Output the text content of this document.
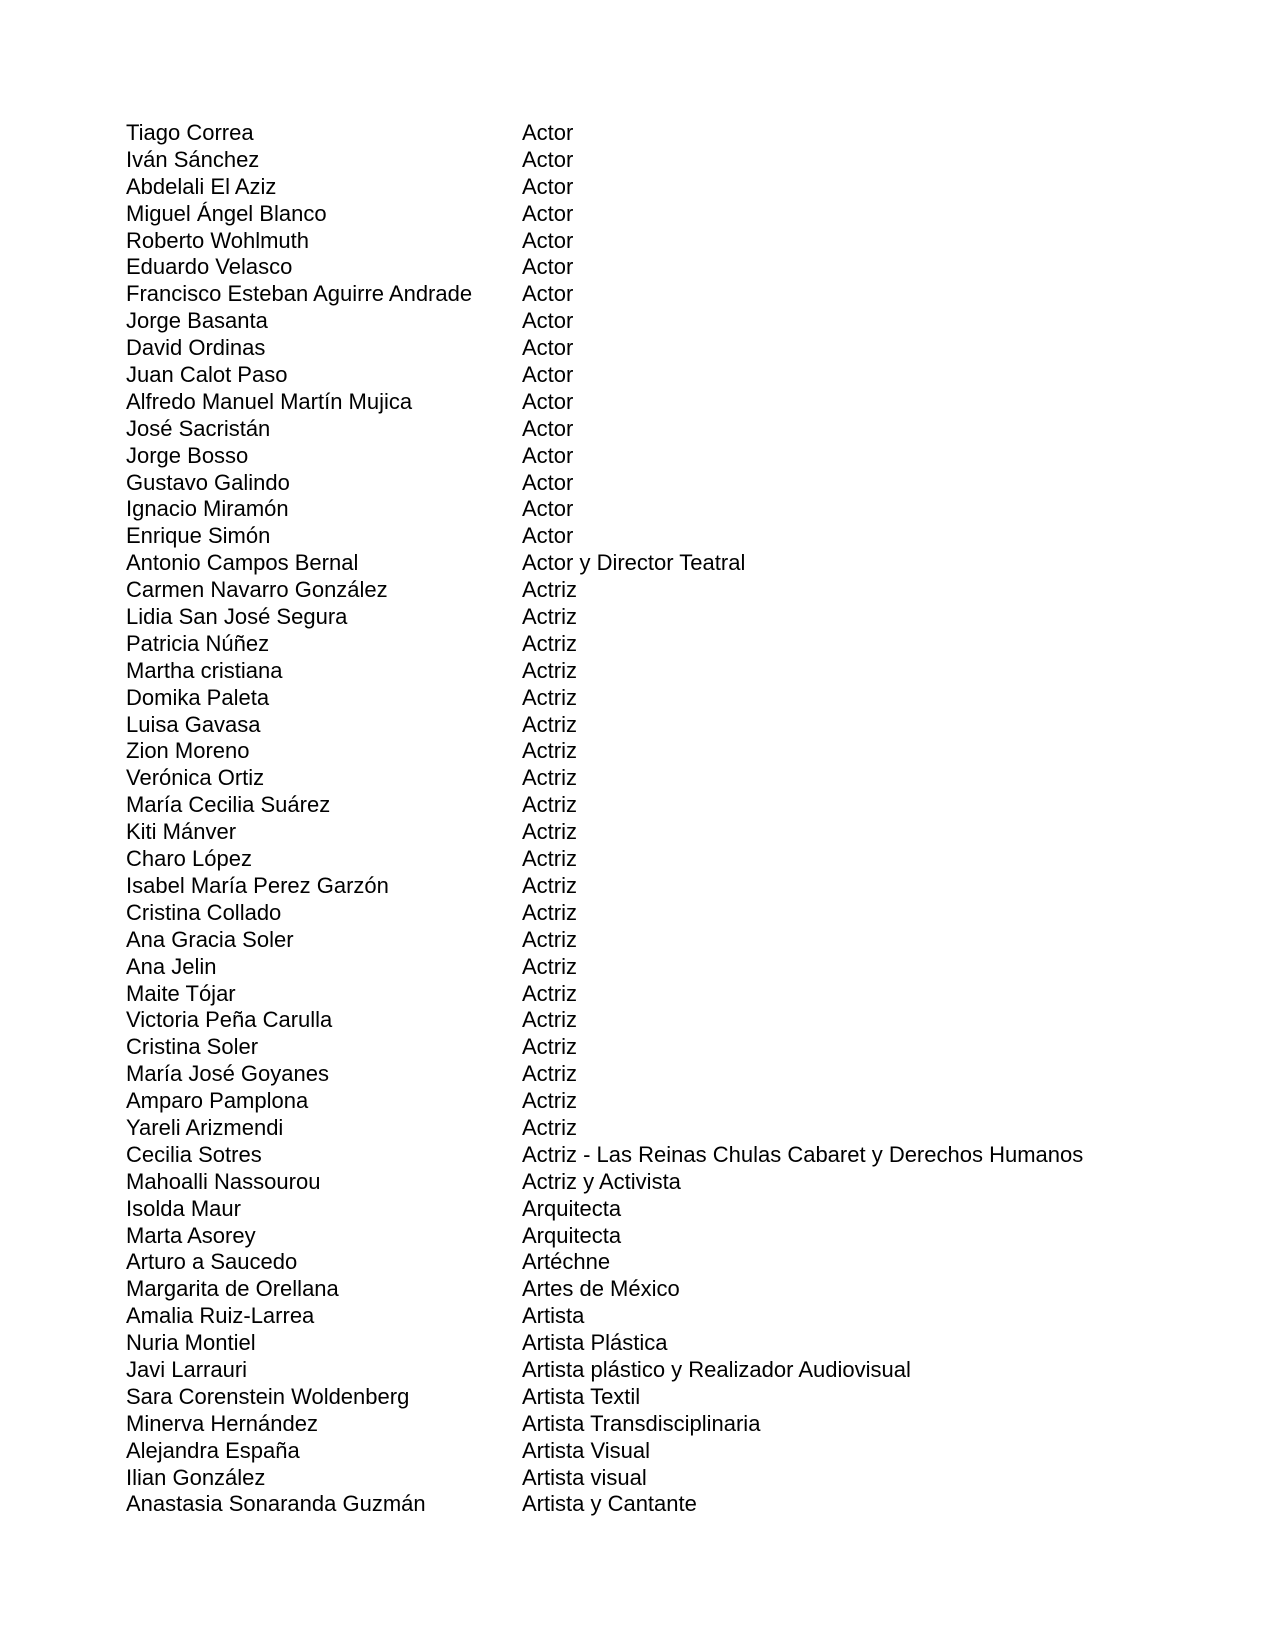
Tiago Correa	Actor
Iván Sánchez	Actor
Abdelali El Aziz	Actor
Miguel Ángel Blanco	Actor
Roberto Wohlmuth	Actor
Eduardo Velasco	Actor
Francisco Esteban Aguirre Andrade	Actor
Jorge Basanta	Actor
David Ordinas	Actor
Juan Calot Paso	Actor
Alfredo Manuel Martín Mujica	Actor
José Sacristán	Actor
Jorge Bosso	Actor
Gustavo Galindo	Actor
Ignacio Miramón	Actor
Enrique Simón	Actor
Antonio Campos Bernal	Actor y Director Teatral
Carmen Navarro González	Actriz
Lidia San José Segura	Actriz
Patricia Núñez	Actriz
Martha cristiana	Actriz
Domika Paleta	Actriz
Luisa Gavasa	Actriz
Zion Moreno	Actriz
Verónica Ortiz	Actriz
María Cecilia Suárez	Actriz
Kiti Mánver	Actriz
Charo López	Actriz
Isabel María Perez Garzón	Actriz
Cristina Collado	Actriz
Ana Gracia Soler	Actriz
Ana Jelin	Actriz
Maite Tójar	Actriz
Victoria Peña Carulla	Actriz
Cristina Soler	Actriz
María José Goyanes	Actriz
Amparo Pamplona	Actriz
Yareli Arizmendi	Actriz
Cecilia Sotres	Actriz - Las Reinas Chulas Cabaret y Derechos Humanos
Mahoalli Nassourou	Actriz y Activista
Isolda Maur	Arquitecta
Marta Asorey	Arquitecta
Arturo a Saucedo	Artéchne
Margarita de Orellana	Artes de México
Amalia Ruiz-Larrea	Artista
Nuria Montiel	Artista Plástica
Javi Larrauri	Artista plástico y Realizador Audiovisual
Sara Corenstein Woldenberg	Artista Textil
Minerva Hernández	Artista Transdisciplinaria
Alejandra España	Artista Visual
Ilian González	Artista visual
Anastasia Sonaranda Guzmán	Artista y Cantante
